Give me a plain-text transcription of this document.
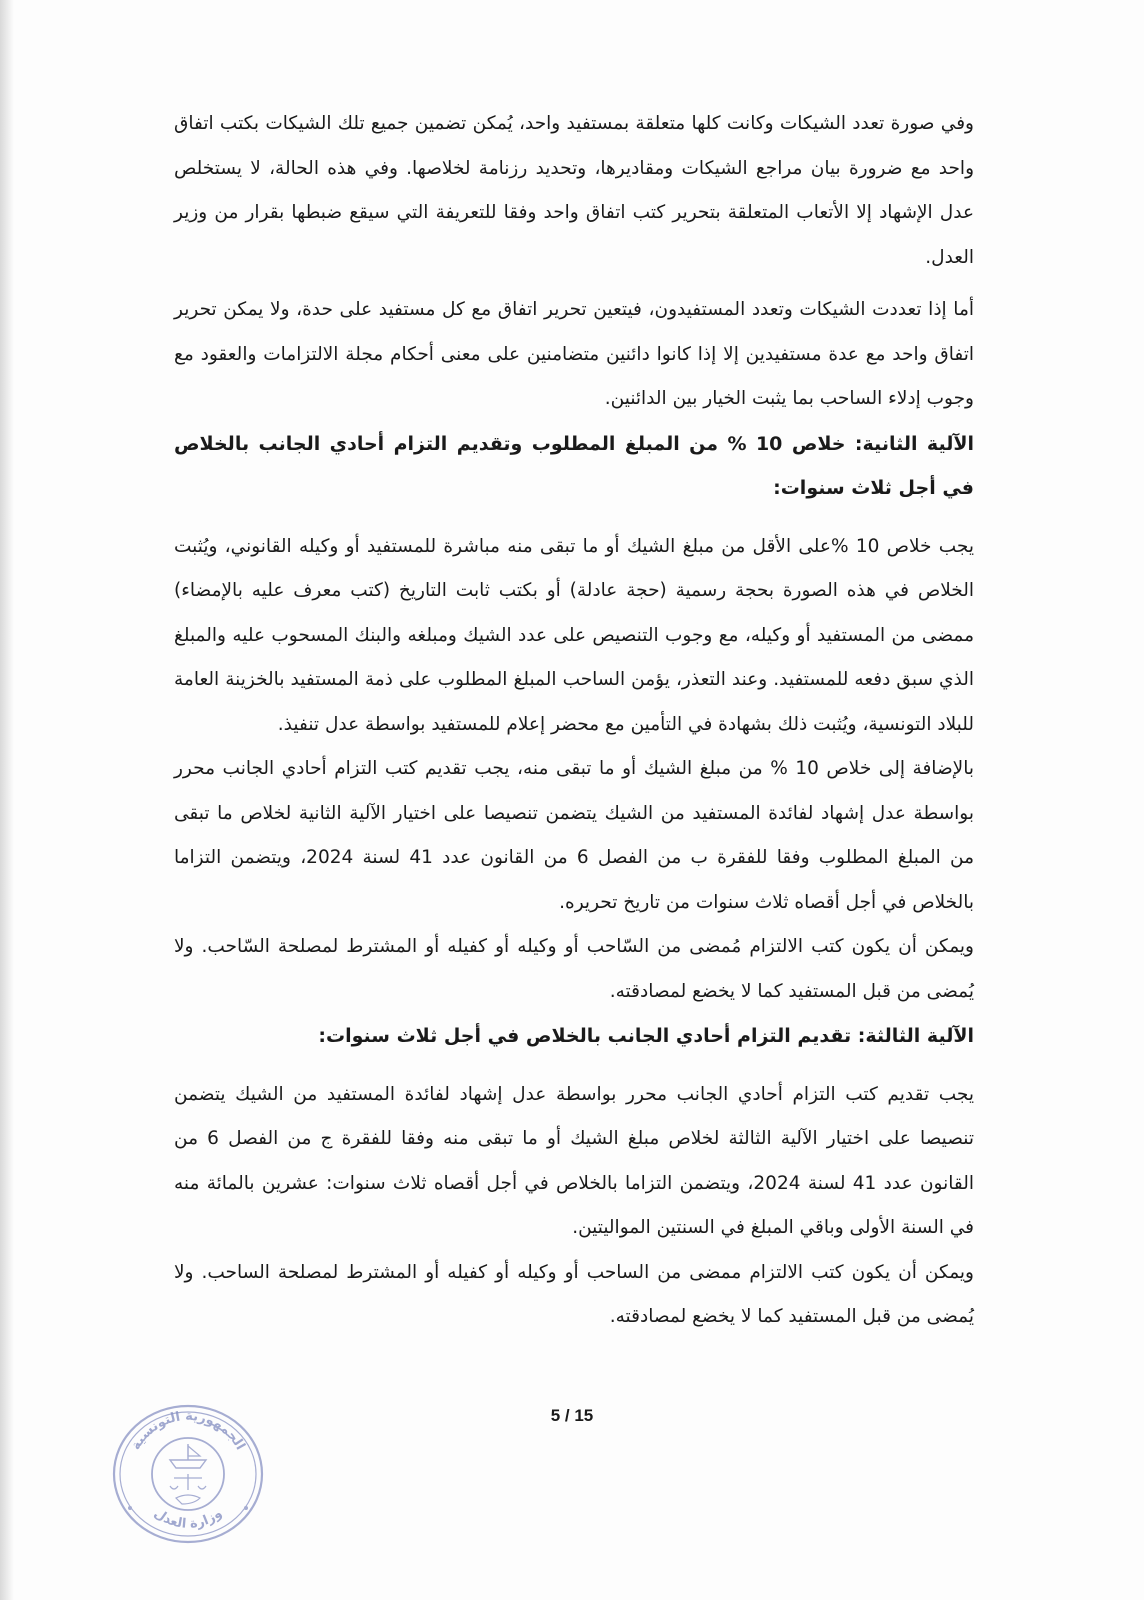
وفي صورة تعدد الشيكات وكانت كلها متعلقة بمستفيد واحد، يُمكن تضمين جميع تلك الشيكات بكتب اتفاق واحد مع ضرورة بيان مراجع الشيكات ومقاديرها، وتحديد رزنامة لخلاصها. وفي هذه الحالة، لا يستخلص عدل الإشهاد إلا الأتعاب المتعلقة بتحرير كتب اتفاق واحد وفقا للتعريفة التي سيقع ضبطها بقرار من وزير العدل.

أما إذا تعددت الشيكات وتعدد المستفيدون، فيتعين تحرير اتفاق مع كل مستفيد على حدة، ولا يمكن تحرير اتفاق واحد مع عدة مستفيدين إلا إذا كانوا دائنين متضامنين على معنى أحكام مجلة الالتزامات والعقود مع وجوب إدلاء الساحب بما يثبت الخيار بين الدائنين.

الآلية الثانية: خلاص 10 % من المبلغ المطلوب وتقديم التزام أحادي الجانب بالخلاص في أجل ثلاث سنوات:

يجب خلاص 10 %على الأقل من مبلغ الشيك أو ما تبقى منه مباشرة للمستفيد أو وكيله القانوني، ويُثبت الخلاص في هذه الصورة بحجة رسمية (حجة عادلة) أو بكتب ثابت التاريخ (كتب معرف عليه بالإمضاء) ممضى من المستفيد أو وكيله، مع وجوب التنصيص على عدد الشيك ومبلغه والبنك المسحوب عليه والمبلغ الذي سبق دفعه للمستفيد. وعند التعذر، يؤمن الساحب المبلغ المطلوب على ذمة المستفيد بالخزينة العامة للبلاد التونسية، ويُثبت ذلك بشهادة في التأمين مع محضر إعلام للمستفيد بواسطة عدل تنفيذ.

بالإضافة إلى خلاص 10 % من مبلغ الشيك أو ما تبقى منه، يجب تقديم كتب التزام أحادي الجانب محرر بواسطة عدل إشهاد لفائدة المستفيد من الشيك يتضمن تنصيصا على اختيار الآلية الثانية لخلاص ما تبقى من المبلغ المطلوب وفقا للفقرة ب من الفصل 6 من القانون عدد 41 لسنة 2024، ويتضمن التزاما بالخلاص في أجل أقصاه ثلاث سنوات من تاريخ تحريره.

ويمكن أن يكون كتب الالتزام مُمضى من السّاحب أو وكيله أو كفيله أو المشترط لمصلحة السّاحب. ولا يُمضى من قبل المستفيد كما لا يخضع لمصادقته.

الآلية الثالثة: تقديم التزام أحادي الجانب بالخلاص في أجل ثلاث سنوات:

يجب تقديم كتب التزام أحادي الجانب محرر بواسطة عدل إشهاد لفائدة المستفيد من الشيك يتضمن تنصيصا على اختيار الآلية الثالثة لخلاص مبلغ الشيك أو ما تبقى منه وفقا للفقرة ج من الفصل 6 من القانون عدد 41 لسنة 2024، ويتضمن التزاما بالخلاص في أجل أقصاه ثلاث سنوات: عشرين بالمائة منه في السنة الأولى وباقي المبلغ في السنتين المواليتين.

ويمكن أن يكون كتب الالتزام ممضى من الساحب أو وكيله أو كفيله أو المشترط لمصلحة الساحب. ولا يُمضى من قبل المستفيد كما لا يخضع لمصادقته.

5 / 15
الجمهورية التونسية
وزارة العدل
